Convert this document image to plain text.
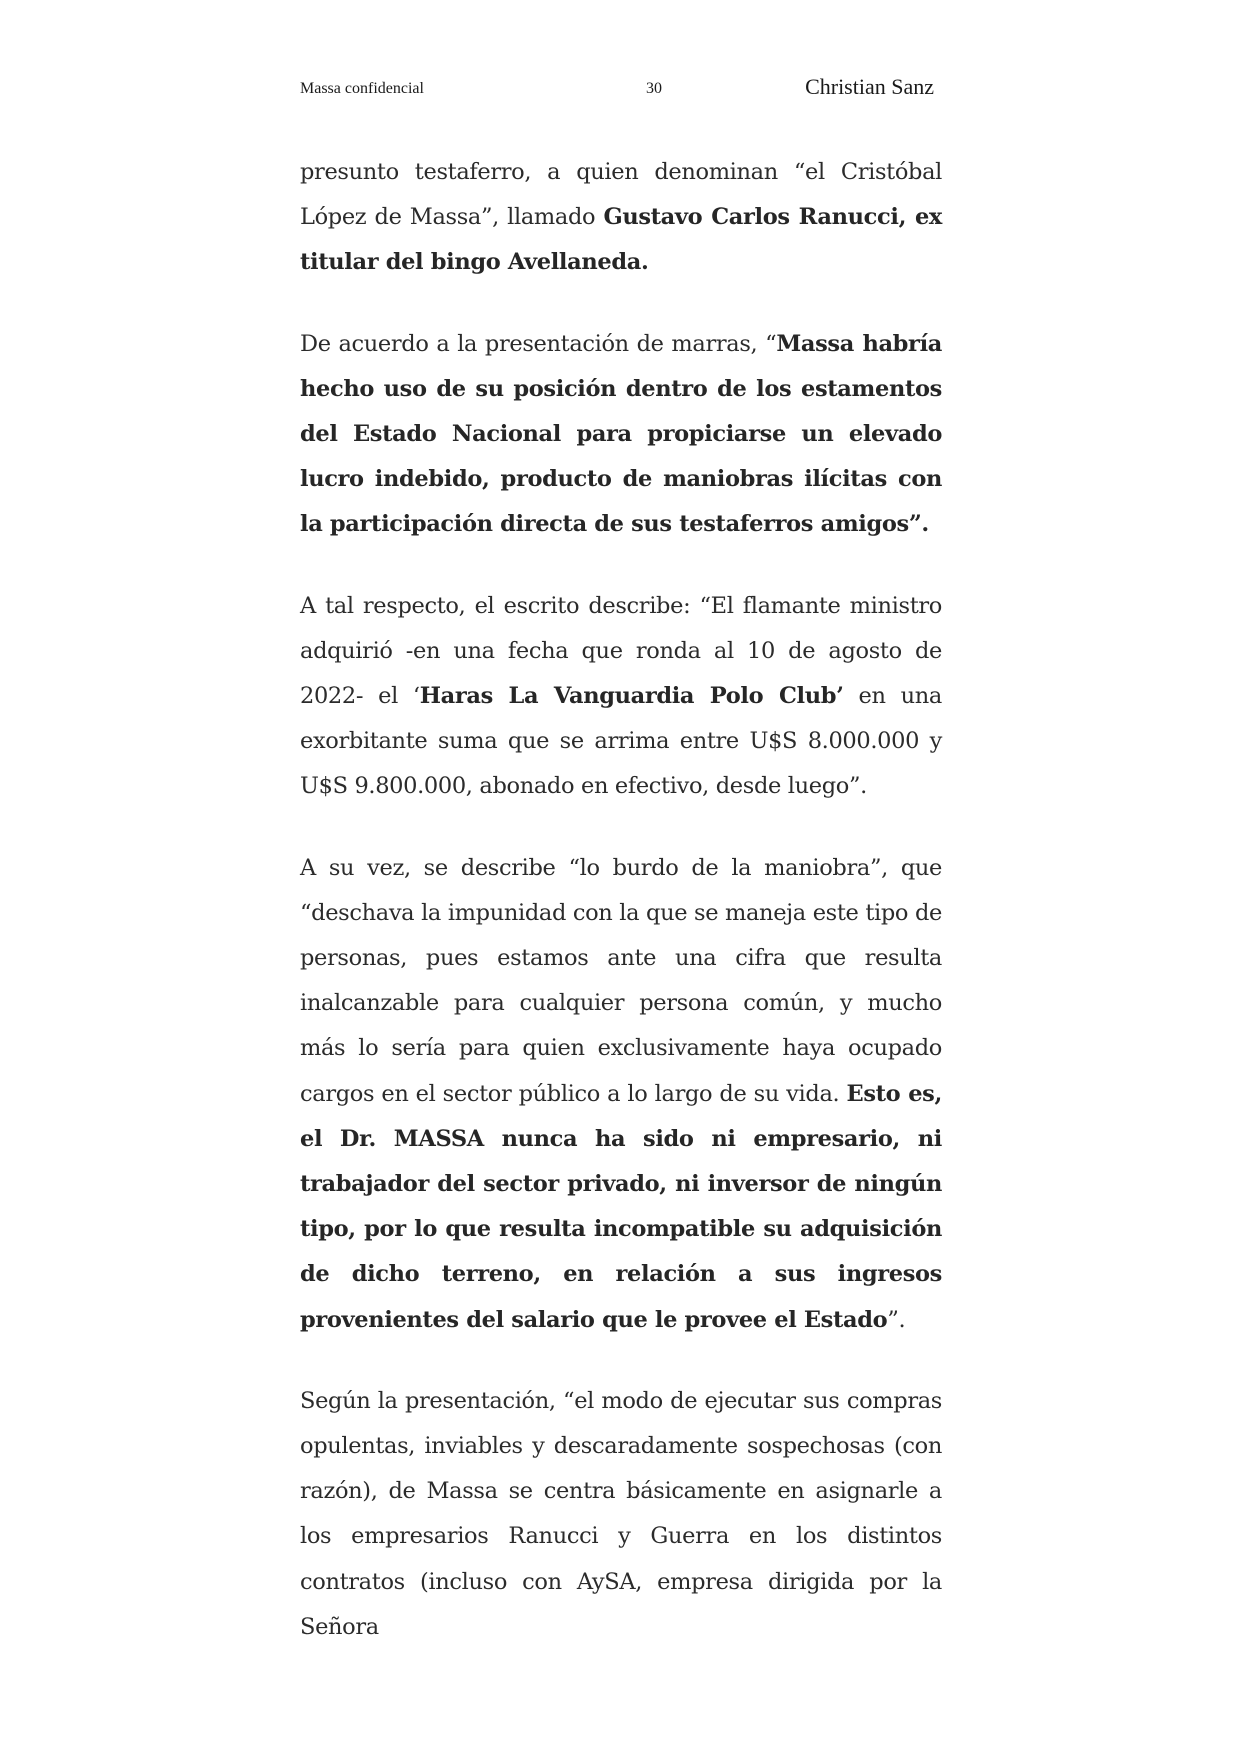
Massa confidencial	30	Christian Sanz

presunto testaferro, a quien denominan “el Cristóbal López de Massa”, llamado Gustavo Carlos Ranucci, ex titular del bingo Avellaneda.

De acuerdo a la presentación de marras, “Massa habría hecho uso de su posición dentro de los estamentos del Estado Nacional para propiciarse un elevado lucro indebido, producto de maniobras ilícitas con la participación directa de sus testaferros amigos”.

A tal respecto, el escrito describe: “El flamante ministro adquirió -en una fecha que ronda al 10 de agosto de 2022- el ‘Haras La Vanguardia Polo Club’ en una exorbitante suma que se arrima entre U$S 8.000.000 y U$S 9.800.000, abonado en efectivo, desde luego”.

A su vez, se describe “lo burdo de la maniobra”, que “deschava la impunidad con la que se maneja este tipo de personas, pues estamos ante una cifra que resulta inalcanzable para cualquier persona común, y mucho más lo sería para quien exclusivamente haya ocupado cargos en el sector público a lo largo de su vida. Esto es, el Dr. MASSA nunca ha sido ni empresario, ni trabajador del sector privado, ni inversor de ningún tipo, por lo que resulta incompatible su adquisición de dicho terreno, en relación a sus ingresos provenientes del salario que le provee el Estado”.

Según la presentación, “el modo de ejecutar sus compras opulentas, inviables y descaradamente sospechosas (con razón), de Massa se centra básicamente en asignarle a los empresarios Ranucci y Guerra en los distintos contratos (incluso con AySA, empresa dirigida por la Señora
